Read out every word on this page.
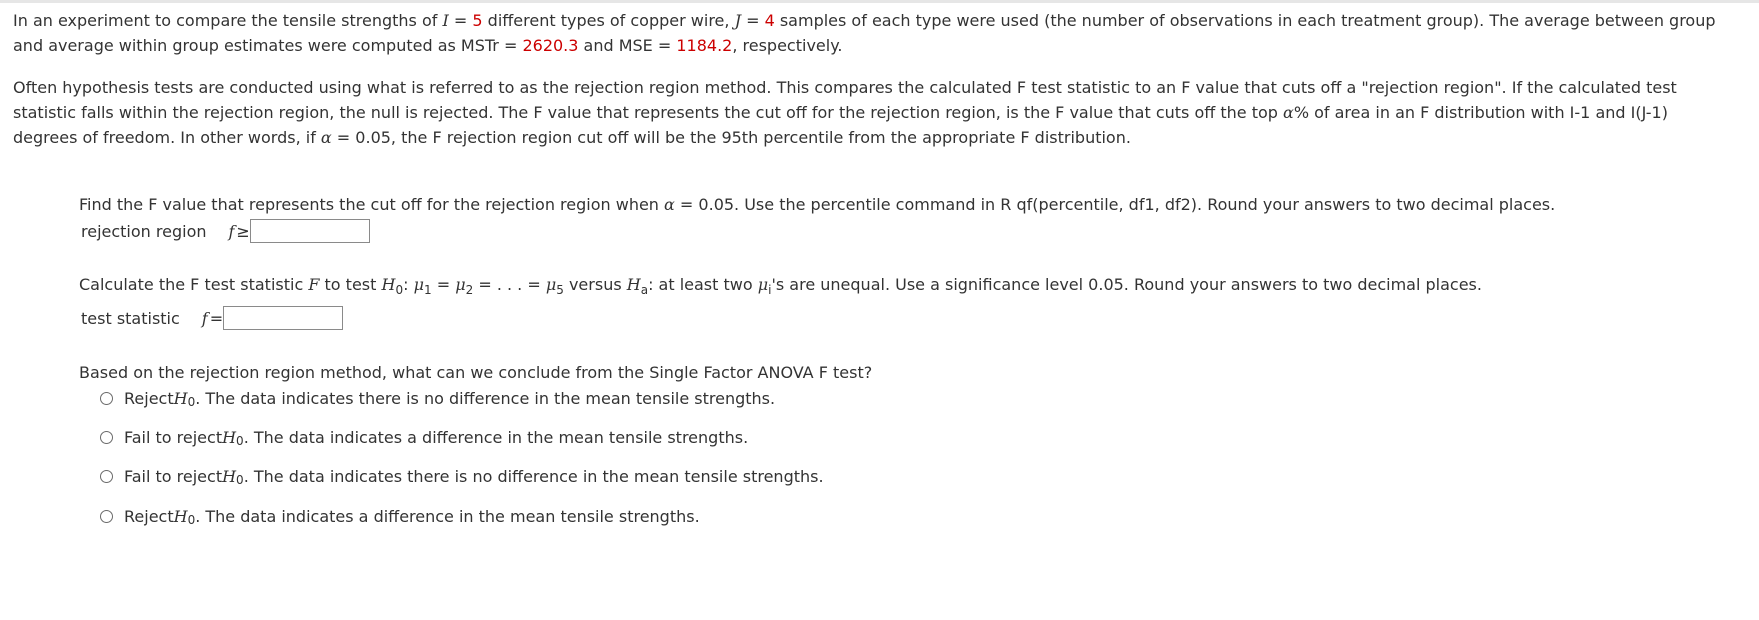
In an experiment to compare the tensile strengths of I = 5 different types of copper wire, J = 4 samples of each type were used (the number of observations in each treatment group). The average between group
and average within group estimates were computed as MSTr = 2620.3 and MSE = 1184.2, respectively.
Often hypothesis tests are conducted using what is referred to as the rejection region method. This compares the calculated F test statistic to an F value that cuts off a "rejection region". If the calculated test
statistic falls within the rejection region, the null is rejected. The F value that represents the cut off for the rejection region, is the F value that cuts off the top α% of area in an F distribution with I-1 and I(J-1)
degrees of freedom. In other words, if α = 0.05, the F rejection region cut off will be the 95th percentile from the appropriate F distribution.
Find the F value that represents the cut off for the rejection region when α = 0.05. Use the percentile command in R qf(percentile, df1, df2). Round your answers to two decimal places.
rejection region f ≥
Calculate the F test statistic F to test $H_0$: $\mu_1 = \mu_2$ = . . . = $\mu_5$ versus $H_a$: at least two $\mu_i's$ are unequal. Use a significance level 0.05. Round your answers to two decimal places.
test statistic f =
Based on the rejection region method, what can we conclude from the Single Factor ANOVA F test?
Reject H 0 . The data indicates there is no difference in the mean tensile strengths.
Fail to reject H 0 . The data indicates a difference in the mean tensile strengths.
Fail to reject H 0 . The data indicates there is no difference in the mean tensile strengths.
Reject H 0 . The data indicates a difference in the mean tensile strengths.
